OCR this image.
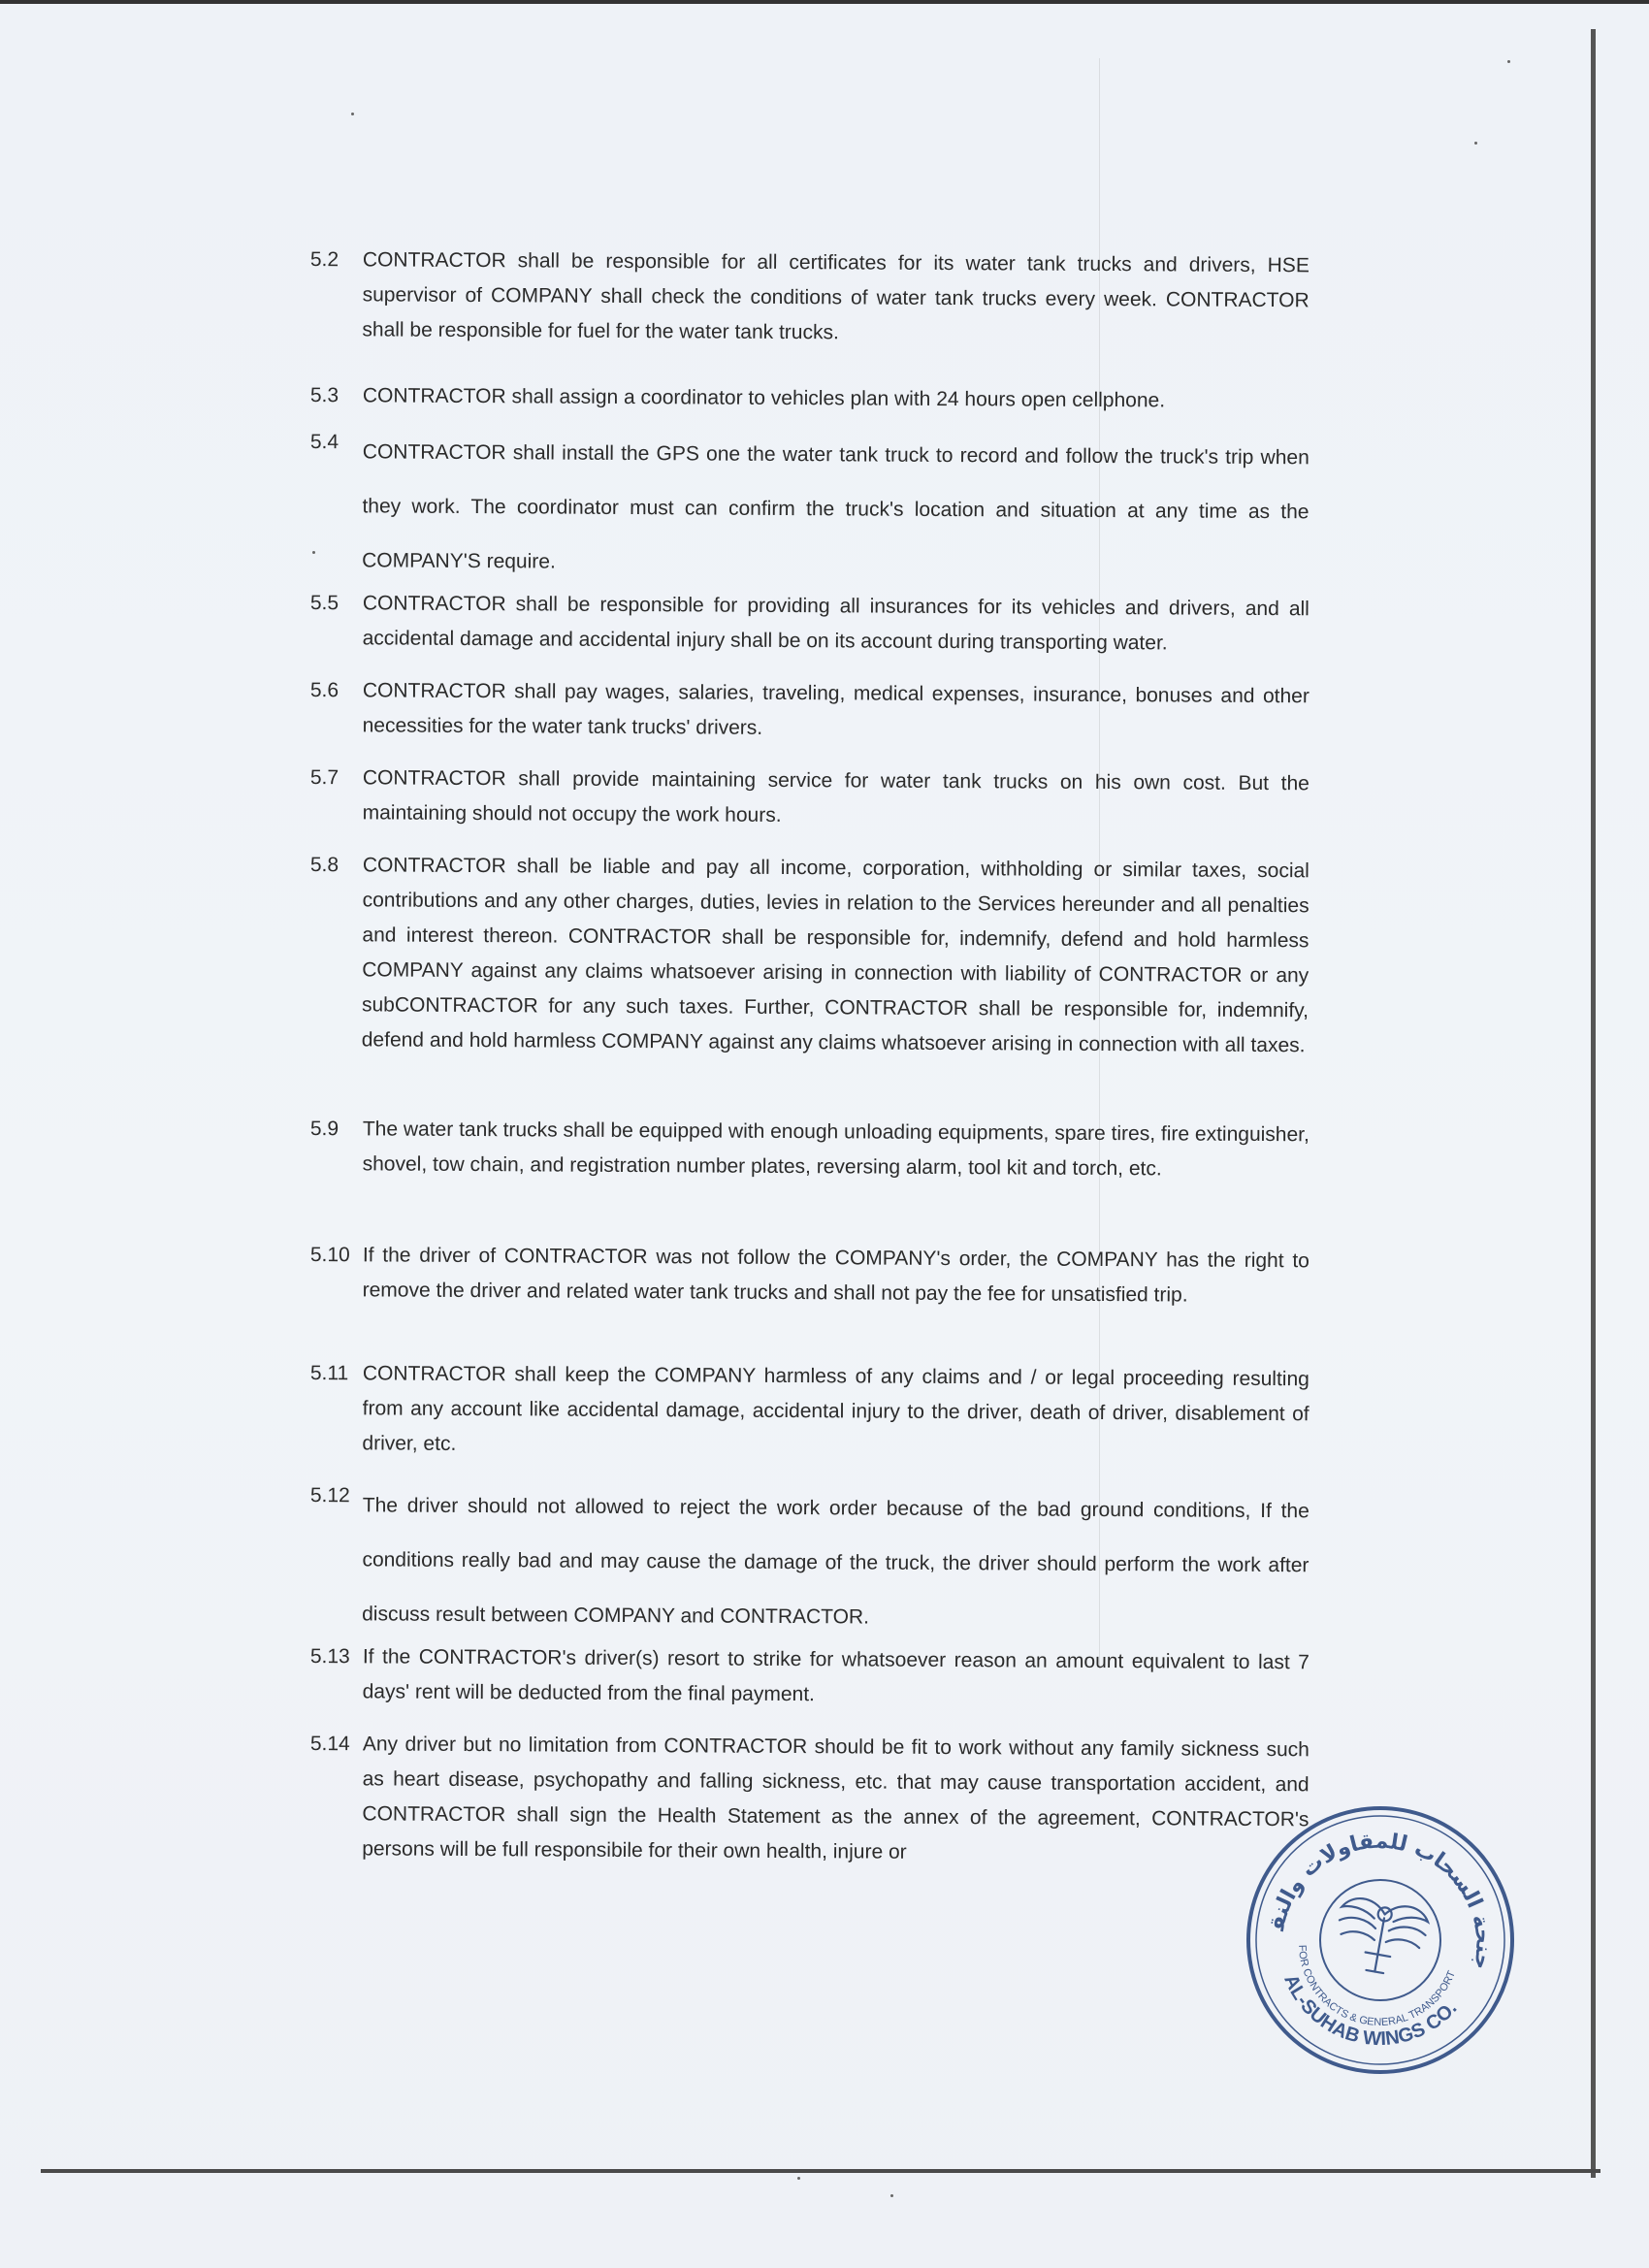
5.2	CONTRACTOR shall be responsible for all certificates for its water tank trucks and drivers, HSE supervisor of COMPANY shall check the conditions of water tank trucks every week. CONTRACTOR shall be responsible for fuel for the water tank trucks.
5.3	CONTRACTOR shall assign a coordinator to vehicles plan with 24 hours open cellphone.
5.4	CONTRACTOR shall install the GPS one the water tank truck to record and follow the truck's trip when they work. The coordinator must can confirm the truck's location and situation at any time as the COMPANY'S require.
5.5	CONTRACTOR shall be responsible for providing all insurances for its vehicles and drivers, and all accidental damage and accidental injury shall be on its account during transporting water.
5.6	CONTRACTOR shall pay wages, salaries, traveling, medical expenses, insurance, bonuses and other necessities for the water tank trucks' drivers.
5.7	CONTRACTOR shall provide maintaining service for water tank trucks on his own cost. But the maintaining should not occupy the work hours.
5.8	CONTRACTOR shall be liable and pay all income, corporation, withholding or similar taxes, social contributions and any other charges, duties, levies in relation to the Services hereunder and all penalties and interest thereon. CONTRACTOR shall be responsible for, indemnify, defend and hold harmless COMPANY against any claims whatsoever arising in connection with liability of CONTRACTOR or any subCONTRACTOR for any such taxes. Further, CONTRACTOR shall be responsible for, indemnify, defend and hold harmless COMPANY against any claims whatsoever arising in connection with all taxes.
5.9	The water tank trucks shall be equipped with enough unloading equipments, spare tires, fire extinguisher, shovel, tow chain, and registration number plates, reversing alarm, tool kit and torch, etc.
5.10 If the driver of CONTRACTOR was not follow the COMPANY's order, the COMPANY has the right to remove the driver and related water tank trucks and shall not pay the fee for unsatisfied trip.
5.11 CONTRACTOR shall keep the COMPANY harmless of any claims and / or legal proceeding resulting from any account like accidental damage, accidental injury to the driver, death of driver, disablement of driver, etc.
5.12 The driver should not allowed to reject the work order because of the bad ground conditions, If the conditions really bad and may cause the damage of the truck, the driver should perform the work after discuss result between COMPANY and CONTRACTOR.
5.13 If the CONTRACTOR's driver(s) resort to strike for whatsoever reason an amount equivalent to last 7 days' rent will be deducted from the final payment.
5.14 Any driver but no limitation from CONTRACTOR should be fit to work without any family sickness such as heart disease, psychopathy and falling sickness, etc. that may cause transportation accident, and CONTRACTOR shall sign the Health Statement as the annex of the agreement, CONTRACTOR's persons will be full responsibile for their own health, injure or
أجنحة السحاب للمقاولات والنقل
AL-SUHAB WINGS CO.
FOR CONTRACTS & GENERAL TRANSPORT
